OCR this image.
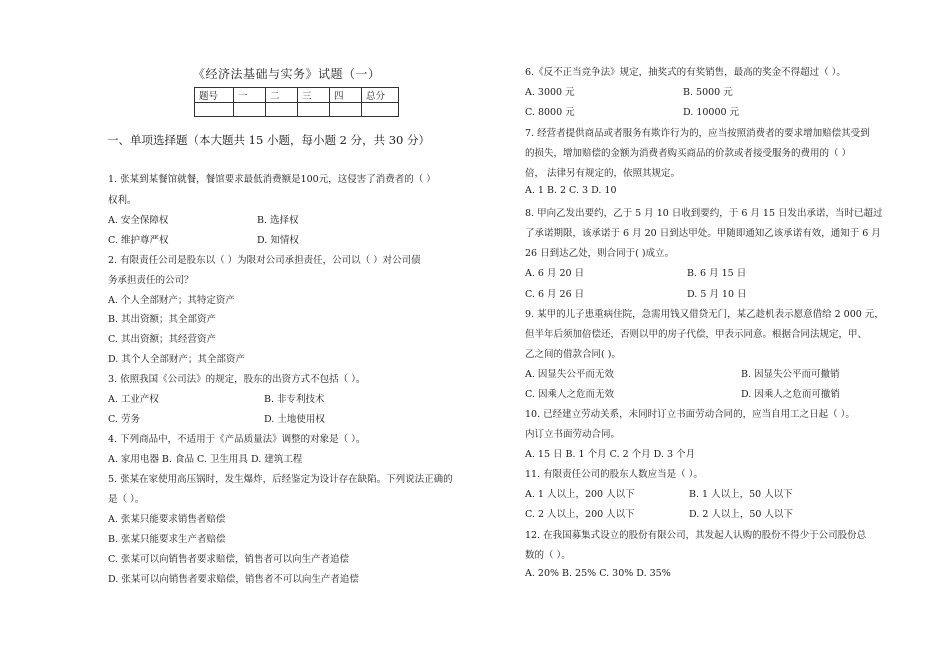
《经济法基础与实务》试题（一）
题号	一	二	三	四	总分

一、单项选择题（本大题共 15 小题，每小题 2 分，共 30 分）
1. 张某到某餐馆就餐，餐馆要求最低消费额是100元，这侵害了消费者的（ ）
权利。
A. 安全保障权	B. 选择权
C. 维护尊严权	D. 知情权
2. 有限责任公司是股东以（ ）为限对公司承担责任，公司以（ ）对公司债
务承担责任的公司？
A. 个人全部财产；其特定资产
B. 其出资额；其全部资产
C. 其出资额；其经营资产
D. 其个人全部财产；其全部资产
3. 依照我国《公司法》的规定，股东的出资方式不包括（ ）。
A. 工业产权	B. 非专利技术
C. 劳务	D. 土地使用权
4. 下列商品中，不适用于《产品质量法》调整的对象是（ ）。
A. 家用电器 B. 食品 C. 卫生用具 D. 建筑工程
5. 张某在家使用高压锅时，发生爆炸，后经鉴定为设计存在缺陷。下列说法正确的
是（ ）。
A. 张某只能要求销售者赔偿
B. 张某只能要求生产者赔偿
C. 张某可以向销售者要求赔偿，销售者可以向生产者追偿
D. 张某可以向销售者要求赔偿，销售者不可以向生产者追偿
6.《反不正当竞争法》规定，抽奖式的有奖销售，最高的奖金不得超过（ ）。
A. 3000 元	B. 5000 元
C. 8000 元	D. 10000 元
7. 经营者提供商品或者服务有欺诈行为的，应当按照消费者的要求增加赔偿其受到
的损失，增加赔偿的金额为消费者购买商品的价款或者接受服务的费用的（ ）
倍， 法律另有规定的，依照其规定。
A. 1 B. 2 C. 3 D. 10
8. 甲向乙发出要约，乙于 5 月 10 日收到要约，于 6 月 15 日发出承诺，当时已超过
了承诺期限，该承诺于 6 月 20 日到达甲处。甲随即通知乙该承诺有效，通知于 6 月
26 日到达乙处，则合同于( )成立。
A. 6 月 20 日	B. 6 月 15 日
C. 6 月 26 日	D. 5 月 10 日
9. 某甲的儿子患重病住院，急需用钱又借贷无门，某乙趁机表示愿意借给 2 000 元，
但半年后须加倍偿还，否则以甲的房子代偿，甲表示同意。根据合同法规定，甲、
乙之间的借款合同( )。
A. 因显失公平而无效	B. 因显失公平而可撤销
C. 因乘人之危而无效	D. 因乘人之危而可撤销
10. 已经建立劳动关系，未同时订立书面劳动合同的，应当自用工之日起（ ）。
内订立书面劳动合同。
A. 15 日 B. 1 个月 C. 2 个月 D. 3 个月
11. 有限责任公司的股东人数应当是（ ）。
A. 1 人以上，200 人以下	B. 1 人以上，50 人以下
C. 2 人以上，200 人以下	D. 2 人以上，50 人以下
12. 在我国募集式设立的股份有限公司，其发起人认购的股份不得少于公司股份总
数的（ ）。
A. 20% B. 25% C. 30% D. 35%
